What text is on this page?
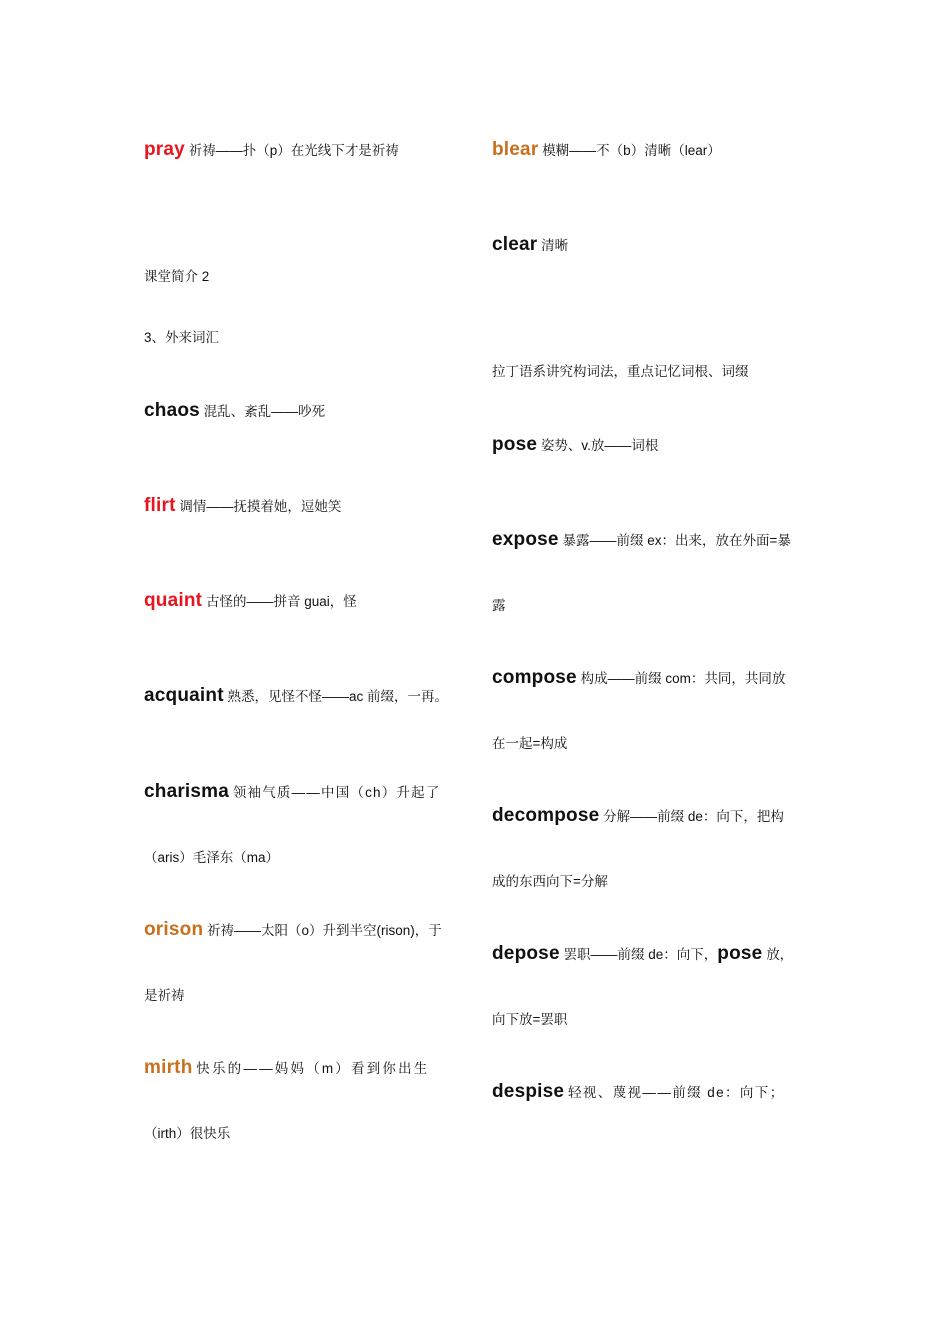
pray 祈祷——扑（p）在光线下才是祈祷
课堂简介 2
3、外来词汇
chaos 混乱、紊乱——吵死
flirt 调情——抚摸着她，逗她笑
quaint 古怪的——拼音 guai，怪
acquaint 熟悉，见怪不怪——ac 前缀，一再。
charisma 领袖气质——中国（ch）升起了
（aris）毛泽东（ma）
orison 祈祷——太阳（o）升到半空(rison)，于
是祈祷
mirth 快乐的——妈妈（m）看到你出生
（irth）很快乐
blear 模糊——不（b）清晰（lear）
clear 清晰
拉丁语系讲究构词法，重点记忆词根、词缀
pose 姿势、v.放——词根
expose 暴露——前缀 ex：出来，放在外面=暴
露
compose 构成——前缀 com：共同，共同放
在一起=构成
decompose 分解——前缀 de：向下，把构
成的东西向下=分解
depose 罢职——前缀 de：向下，pose 放，
向下放=罢职
despise 轻视、蔑视——前缀 de：向下；
